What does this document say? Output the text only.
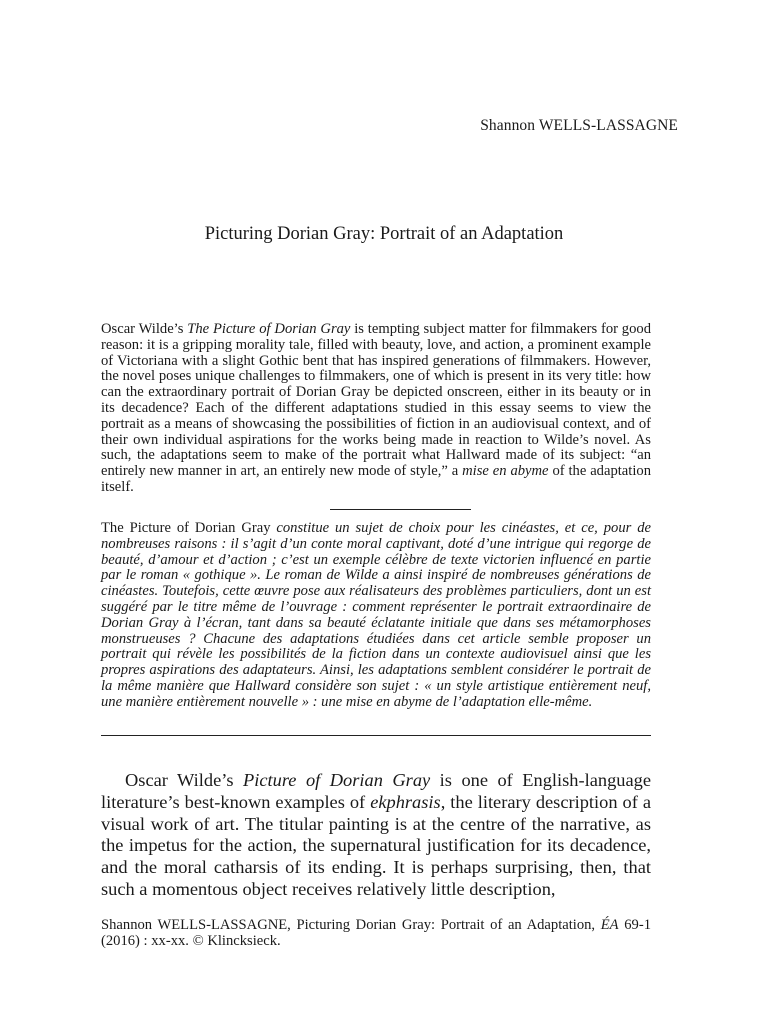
Shannon WELLS-LASSAGNE
Picturing Dorian Gray: Portrait of an Adaptation

Oscar Wilde’s The Picture of Dorian Gray is tempting subject matter for filmmakers for good reason: it is a gripping morality tale, filled with beauty, love, and action, a prominent example of Victoriana with a slight Gothic bent that has inspired generations of filmmakers. However, the novel poses unique challenges to filmmakers, one of which is present in its very title: how can the extraordinary portrait of Dorian Gray be depicted onscreen, either in its beauty or in its decadence? Each of the different adaptations studied in this essay seems to view the portrait as a means of showcasing the possibilities of fiction in an audiovisual context, and of their own individual aspirations for the works being made in reaction to Wilde’s novel. As such, the adaptations seem to make of the portrait what Hallward made of its subject: “an entirely new manner in art, an entirely new mode of style,” a mise en abyme of the adaptation itself.

The Picture of Dorian Gray constitue un sujet de choix pour les cinéastes, et ce, pour de nombreuses raisons : il s’agit d’un conte moral captivant, doté d’une intrigue qui regorge de beauté, d’amour et d’action ; c’est un exemple célèbre de texte victorien influencé en partie par le roman « gothique ». Le roman de Wilde a ainsi inspiré de nombreuses générations de cinéastes. Toutefois, cette œuvre pose aux réalisateurs des problèmes particuliers, dont un est suggéré par le titre même de l’ouvrage : comment représenter le portrait extraordinaire de Dorian Gray à l’écran, tant dans sa beauté éclatante initiale que dans ses métamorphoses monstrueuses ? Chacune des adaptations étudiées dans cet article semble proposer un portrait qui révèle les possibilités de la fiction dans un contexte audiovisuel ainsi que les propres aspirations des adaptateurs. Ainsi, les adaptations semblent considérer le portrait de la même manière que Hallward considère son sujet : « un style artistique entièrement neuf, une manière entièrement nouvelle » : une mise en abyme de l’adaptation elle-même.

Oscar Wilde’s Picture of Dorian Gray is one of English-language literature’s best-known examples of ekphrasis, the literary description of a visual work of art. The titular painting is at the centre of the narrative, as the impetus for the action, the supernatural justification for its decadence, and the moral catharsis of its ending. It is perhaps surprising, then, that such a momentous object receives relatively little description,

Shannon WELLS-LASSAGNE, Picturing Dorian Gray: Portrait of an Adaptation, ÉA 69-1 (2016) : xx-xx. © Klincksieck.
